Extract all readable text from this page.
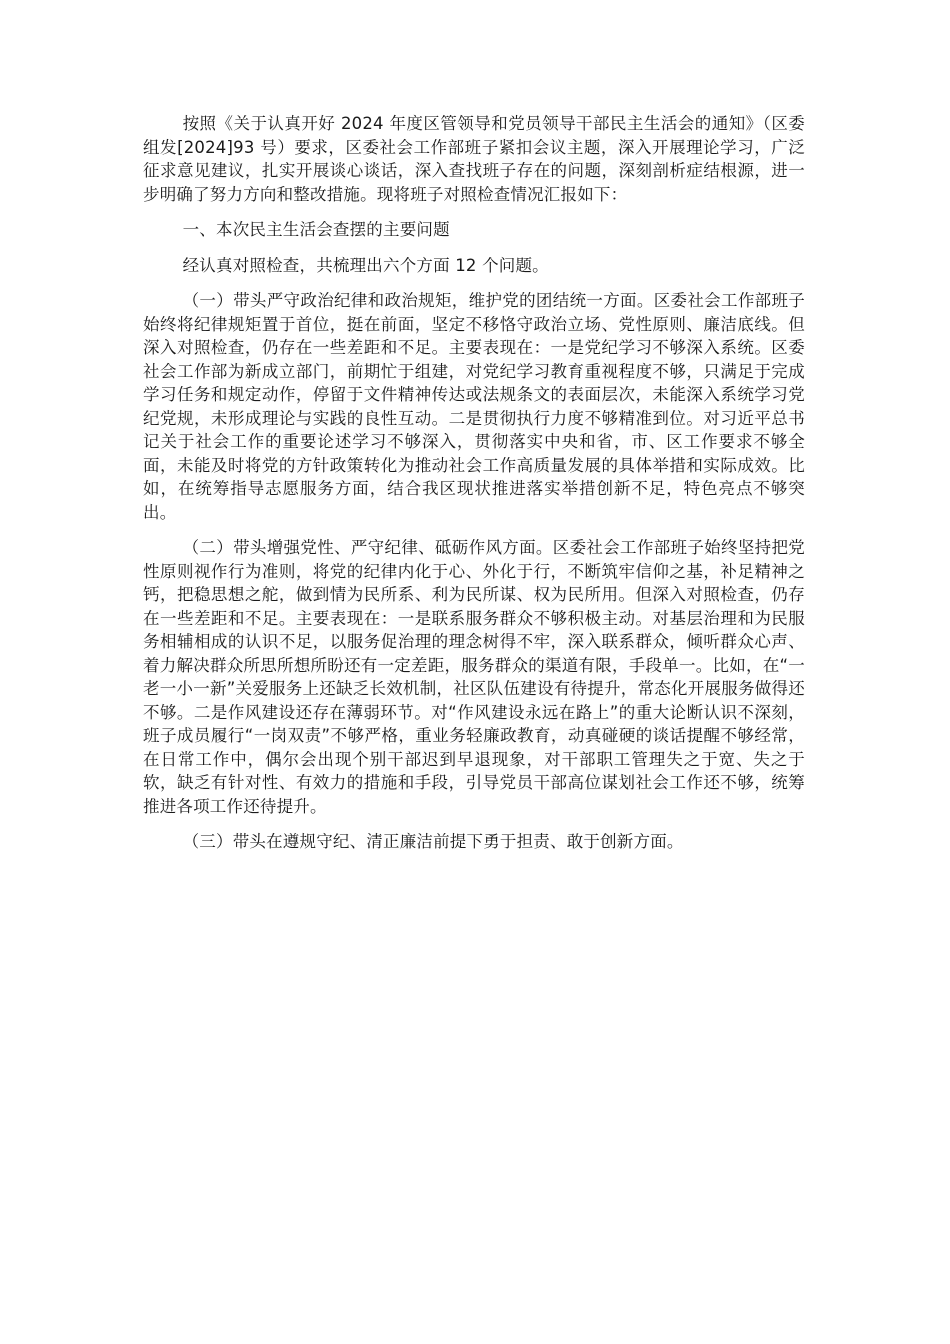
按照《关于认真开好 2024 年度区管领导和党员领导干部民主生活会的通知》（区委组发[2024]93 号）要求，区委社会工作部班子紧扣会议主题，深入开展理论学习，广泛征求意见建议，扎实开展谈心谈话，深入查找班子存在的问题，深刻剖析症结根源，进一步明确了努力方向和整改措施。现将班子对照检查情况汇报如下：

一、本次民主生活会查摆的主要问题

经认真对照检查，共梳理出六个方面 12 个问题。

（一）带头严守政治纪律和政治规矩，维护党的团结统一方面。区委社会工作部班子始终将纪律规矩置于首位，挺在前面，坚定不移恪守政治立场、党性原则、廉洁底线。但深入对照检查，仍存在一些差距和不足。主要表现在：一是党纪学习不够深入系统。区委社会工作部为新成立部门，前期忙于组建，对党纪学习教育重视程度不够，只满足于完成学习任务和规定动作，停留于文件精神传达或法规条文的表面层次，未能深入系统学习党纪党规，未形成理论与实践的良性互动。二是贯彻执行力度不够精准到位。对习近平总书记关于社会工作的重要论述学习不够深入，贯彻落实中央和省，市、区工作要求不够全面，未能及时将党的方针政策转化为推动社会工作高质量发展的具体举措和实际成效。比如，在统筹指导志愿服务方面，结合我区现状推进落实举措创新不足，特色亮点不够突出。

（二）带头增强党性、严守纪律、砥砺作风方面。区委社会工作部班子始终坚持把党性原则视作行为准则，将党的纪律内化于心、外化于行，不断筑牢信仰之基，补足精神之钙，把稳思想之舵，做到情为民所系、利为民所谋、权为民所用。但深入对照检查，仍存在一些差距和不足。主要表现在：一是联系服务群众不够积极主动。对基层治理和为民服务相辅相成的认识不足，以服务促治理的理念树得不牢，深入联系群众，倾听群众心声、着力解决群众所思所想所盼还有一定差距，服务群众的渠道有限，手段单一。比如，在“一老一小一新”关爱服务上还缺乏长效机制，社区队伍建设有待提升，常态化开展服务做得还不够。二是作风建设还存在薄弱环节。对“作风建设永远在路上”的重大论断认识不深刻，班子成员履行“一岗双责”不够严格，重业务轻廉政教育，动真碰硬的谈话提醒不够经常，在日常工作中，偶尔会出现个别干部迟到早退现象，对干部职工管理失之于宽、失之于软，缺乏有针对性、有效力的措施和手段，引导党员干部高位谋划社会工作还不够，统筹推进各项工作还待提升。

（三）带头在遵规守纪、清正廉洁前提下勇于担责、敢于创新方面。
